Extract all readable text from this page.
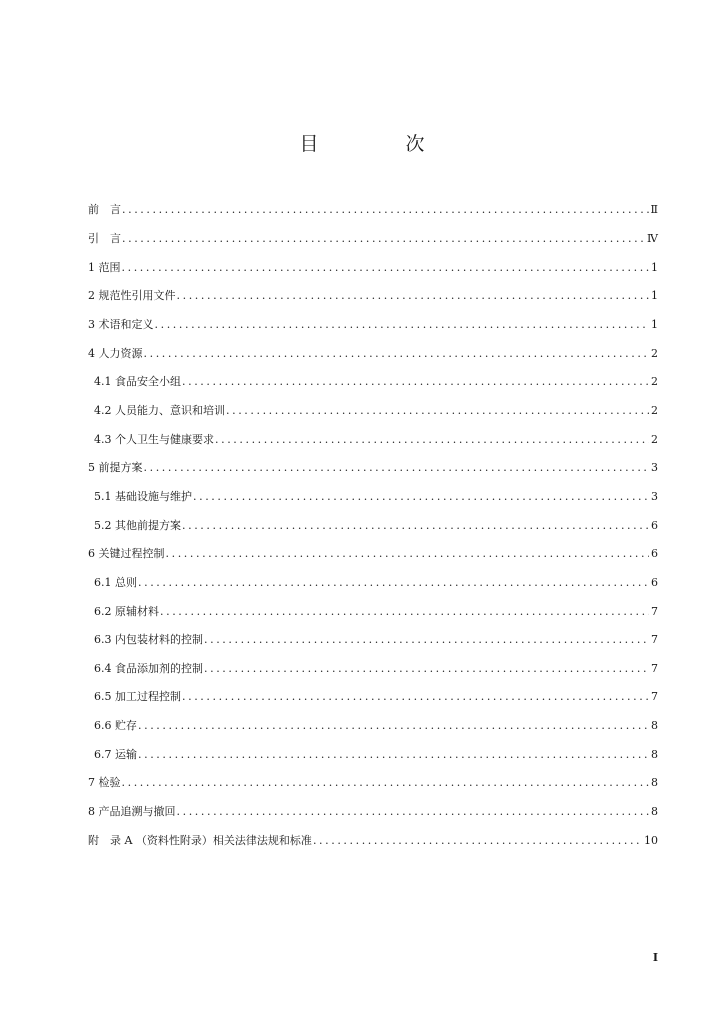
目　次
前　言 .....	Ⅱ
引　言 .....	Ⅳ
1 范围 .....	1
2 规范性引用文件 .....	1
3 术语和定义 .....	1
4 人力资源 .....	2
4.1 食品安全小组 .....	2
4.2 人员能力、意识和培训 .....	2
4.3 个人卫生与健康要求 .....	2
5 前提方案 .....	3
5.1 基础设施与维护 .....	3
5.2 其他前提方案 .....	6
6 关键过程控制 .....	6
6.1 总则 .....	6
6.2 原辅材料 .....	7
6.3 内包装材料的控制 .....	7
6.4 食品添加剂的控制 .....	7
6.5 加工过程控制 .....	7
6.6 贮存 .....	8
6.7 运输 .....	8
7 检验 .....	8
8 产品追溯与撤回 .....	8
附　录 A （资料性附录）相关法律法规和标准 .....	10
I
